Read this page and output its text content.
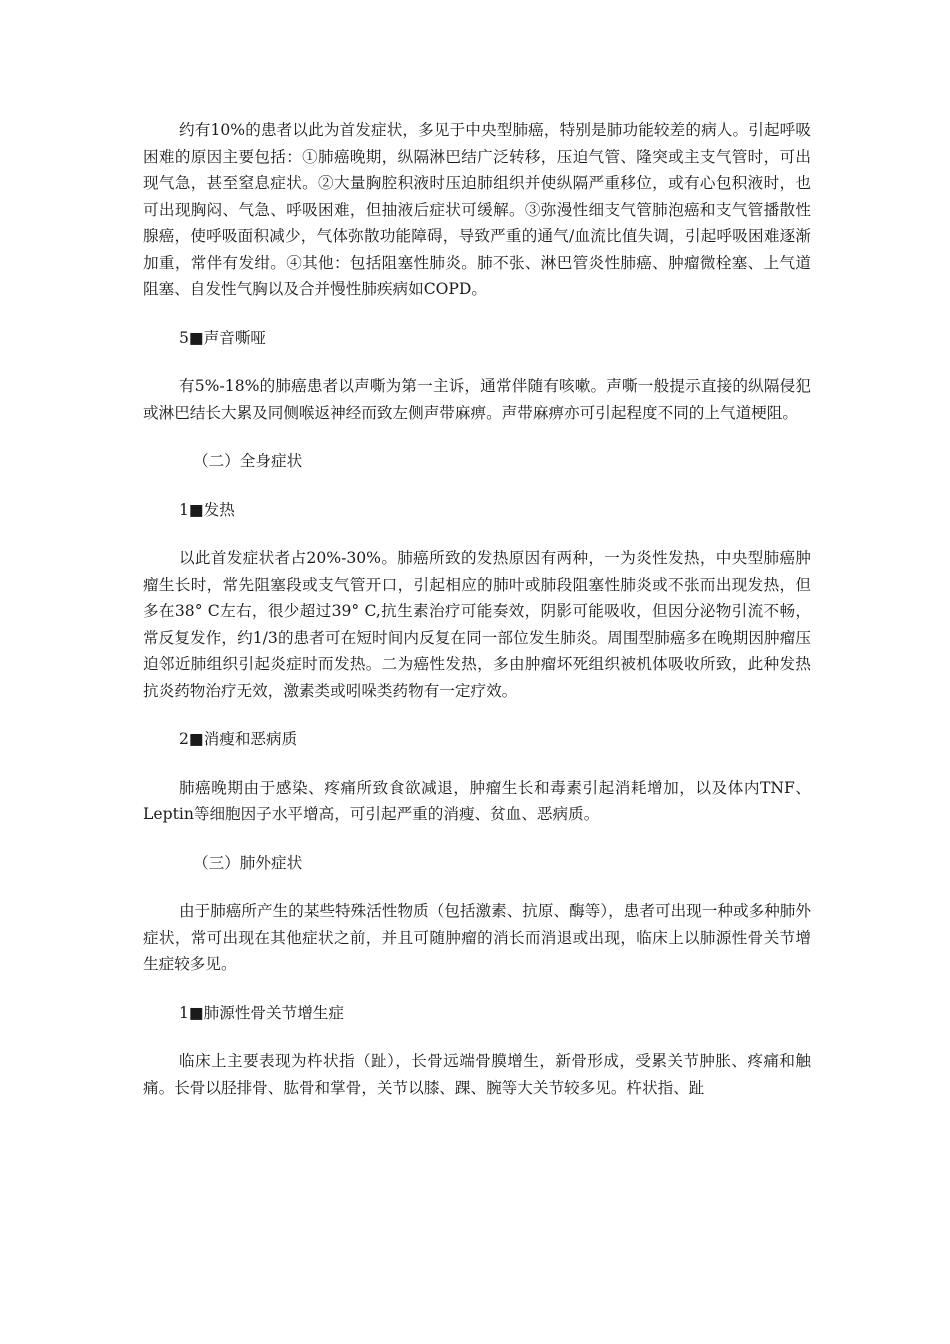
约有10%的患者以此为首发症状，多见于中央型肺癌，特别是肺功能较差的病人。引起呼吸困难的原因主要包括：①肺癌晚期，纵隔淋巴结广泛转移，压迫气管、隆突或主支气管时，可出现气急，甚至窒息症状。②大量胸腔积液时压迫肺组织并使纵隔严重移位，或有心包积液时，也可出现胸闷、气急、呼吸困难，但抽液后症状可缓解。③弥漫性细支气管肺泡癌和支气管播散性腺癌，使呼吸面积减少，气体弥散功能障碍，导致严重的通气/血流比值失调，引起呼吸困难逐渐加重，常伴有发绀。④其他：包括阻塞性肺炎。肺不张、淋巴管炎性肺癌、肿瘤微栓塞、上气道阻塞、自发性气胸以及合并慢性肺疾病如COPD。

5■声音嘶哑

有5%-18%的肺癌患者以声嘶为第一主诉，通常伴随有咳嗽。声嘶一般提示直接的纵隔侵犯或淋巴结长大累及同侧喉返神经而致左侧声带麻痹。声带麻痹亦可引起程度不同的上气道梗阻。

（二）全身症状
1■发热

以此首发症状者占20%-30%。肺癌所致的发热原因有两种，一为炎性发热，中央型肺癌肿瘤生长时，常先阻塞段或支气管开口，引起相应的肺叶或肺段阻塞性肺炎或不张而出现发热，但多在38° C左右，很少超过39° C,抗生素治疗可能奏效，阴影可能吸收，但因分泌物引流不畅，常反复发作，约1/3的患者可在短时间内反复在同一部位发生肺炎。周围型肺癌多在晚期因肿瘤压迫邻近肺组织引起炎症时而发热。二为癌性发热，多由肿瘤坏死组织被机体吸收所致，此种发热抗炎药物治疗无效，激素类或吲哚类药物有一定疗效。

2■消瘦和恶病质

肺癌晚期由于感染、疼痛所致食欲减退，肿瘤生长和毒素引起消耗增加，以及体内TNF、Leptin等细胞因子水平增高，可引起严重的消瘦、贫血、恶病质。

（三）肺外症状

由于肺癌所产生的某些特殊活性物质（包括激素、抗原、酶等），患者可出现一种或多种肺外症状，常可出现在其他症状之前，并且可随肿瘤的消长而消退或出现，临床上以肺源性骨关节增生症较多见。

1■肺源性骨关节增生症

临床上主要表现为杵状指（趾），长骨远端骨膜增生，新骨形成，受累关节肿胀、疼痛和触痛。长骨以胫排骨、肱骨和掌骨，关节以膝、踝、腕等大关节较多见。杵状指、趾
